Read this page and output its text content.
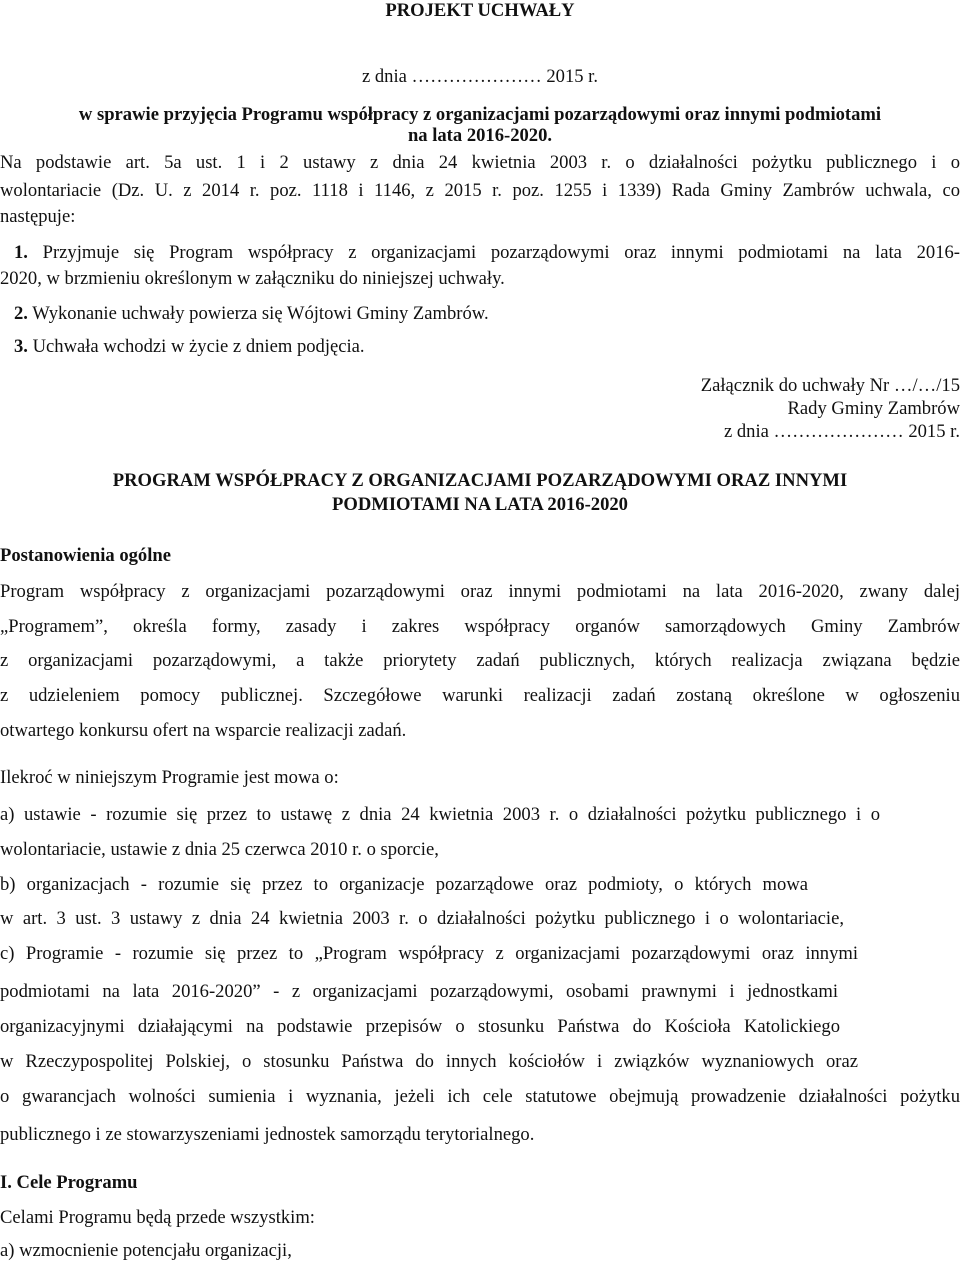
PROJEKT UCHWAŁY
z dnia ………………… 2015 r.
w sprawie przyjęcia Programu współpracy z organizacjami pozarządowymi oraz innymi podmiotami
na lata 2016-2020.
Na podstawie art. 5a ust. 1 i 2 ustawy z dnia 24 kwietnia 2003 r. o działalności pożytku publicznego i o
wolontariacie (Dz. U. z 2014 r. poz. 1118 i 1146, z 2015 r. poz. 1255 i 1339) Rada Gminy Zambrów uchwala, co
następuje:
1. Przyjmuje się Program współpracy z organizacjami pozarządowymi oraz innymi podmiotami na lata 2016-
2020, w brzmieniu określonym w załączniku do niniejszej uchwały.
2. Wykonanie uchwały powierza się Wójtowi Gminy Zambrów.
3. Uchwała wchodzi w życie z dniem podjęcia.
Załącznik do uchwały Nr …/…/15
Rady Gminy Zambrów
z dnia ………………… 2015 r.
PROGRAM WSPÓŁPRACY Z ORGANIZACJAMI POZARZĄDOWYMI ORAZ INNYMI
PODMIOTAMI NA LATA 2016-2020
Postanowienia ogólne
Program współpracy z organizacjami pozarządowymi oraz innymi podmiotami na lata 2016-2020, zwany dalej
„Programem”, określa formy, zasady i zakres współpracy organów samorządowych Gminy Zambrów
z organizacjami pozarządowymi, a także priorytety zadań publicznych, których realizacja związana będzie
z udzieleniem pomocy publicznej. Szczegółowe warunki realizacji zadań zostaną określone w ogłoszeniu
otwartego konkursu ofert na wsparcie realizacji zadań.
Ilekroć w niniejszym Programie jest mowa o:
a) ustawie - rozumie się przez to ustawę z dnia 24 kwietnia 2003 r. o działalności pożytku publicznego i o
wolontariacie, ustawie z dnia 25 czerwca 2010 r. o sporcie,
b) organizacjach - rozumie się przez to organizacje pozarządowe oraz podmioty, o których mowa
w art. 3 ust. 3 ustawy z dnia 24 kwietnia 2003 r. o działalności pożytku publicznego i o wolontariacie,
c) Programie - rozumie się przez to „Program współpracy z organizacjami pozarządowymi oraz innymi
podmiotami na lata 2016-2020” - z organizacjami pozarządowymi, osobami prawnymi i jednostkami
organizacyjnymi działającymi na podstawie przepisów o stosunku Państwa do Kościoła Katolickiego
w Rzeczypospolitej Polskiej, o stosunku Państwa do innych kościołów i związków wyznaniowych oraz
o gwarancjach wolności sumienia i wyznania, jeżeli ich cele statutowe obejmują prowadzenie działalności pożytku
publicznego i ze stowarzyszeniami jednostek samorządu terytorialnego.
I. Cele Programu
Celami Programu będą przede wszystkim:
a) wzmocnienie potencjału organizacji,
